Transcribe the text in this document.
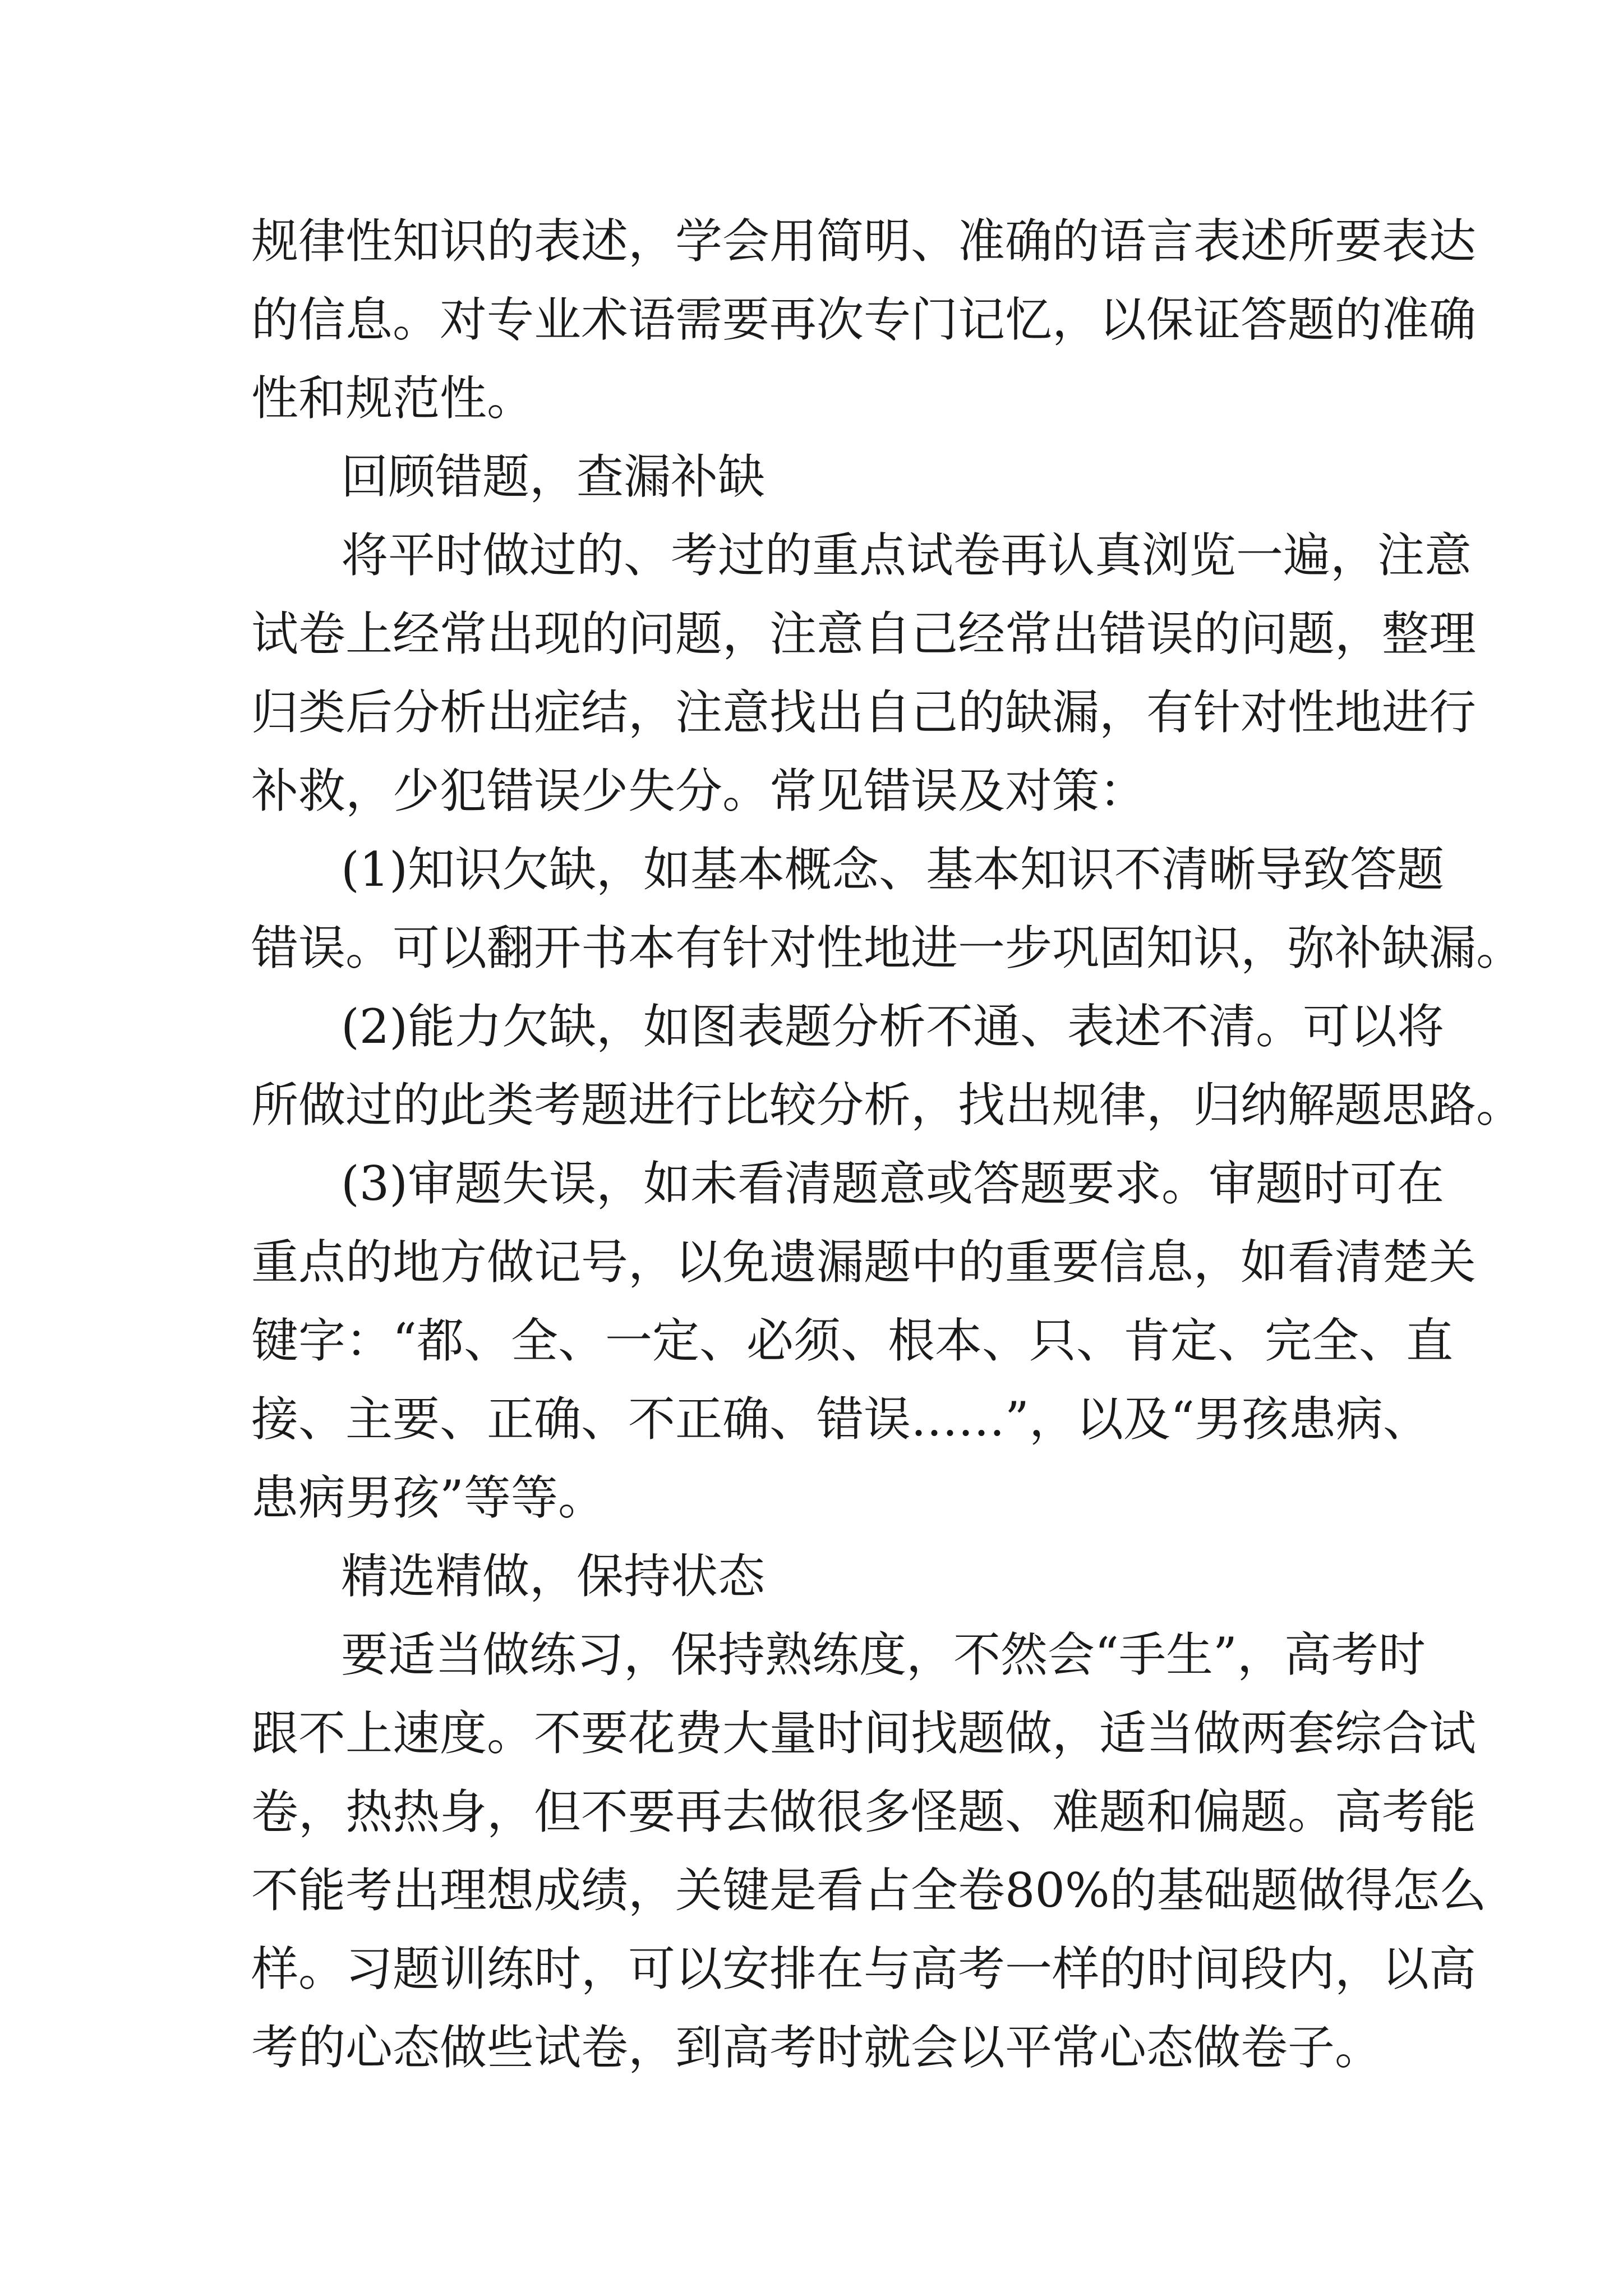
规律性知识的表述，学会用简明、准确的语言表述所要表达
的信息。对专业术语需要再次专门记忆，以保证答题的准确
性和规范性。
回顾错题，查漏补缺
将平时做过的、考过的重点试卷再认真浏览一遍，注意
试卷上经常出现的问题，注意自己经常出错误的问题，整理
归类后分析出症结，注意找出自己的缺漏，有针对性地进行
补救，少犯错误少失分。常见错误及对策：
(1)知识欠缺，如基本概念、基本知识不清晰导致答题
错误。可以翻开书本有针对性地进一步巩固知识，弥补缺漏。
(2)能力欠缺，如图表题分析不通、表述不清。可以将
所做过的此类考题进行比较分析，找出规律，归纳解题思路。
(3)审题失误，如未看清题意或答题要求。审题时可在
重点的地方做记号，以免遗漏题中的重要信息，如看清楚关
键字：“都、全、一定、必须、根本、只、肯定、完全、直
接、主要、正确、不正确、错误……”，以及“男孩患病、
患病男孩”等等。
精选精做，保持状态
要适当做练习，保持熟练度，不然会“手生”，高考时
跟不上速度。不要花费大量时间找题做，适当做两套综合试
卷，热热身，但不要再去做很多怪题、难题和偏题。高考能
不能考出理想成绩，关键是看占全卷80%的基础题做得怎么
样。习题训练时，可以安排在与高考一样的时间段内，以高
考的心态做些试卷，到高考时就会以平常心态做卷子。
